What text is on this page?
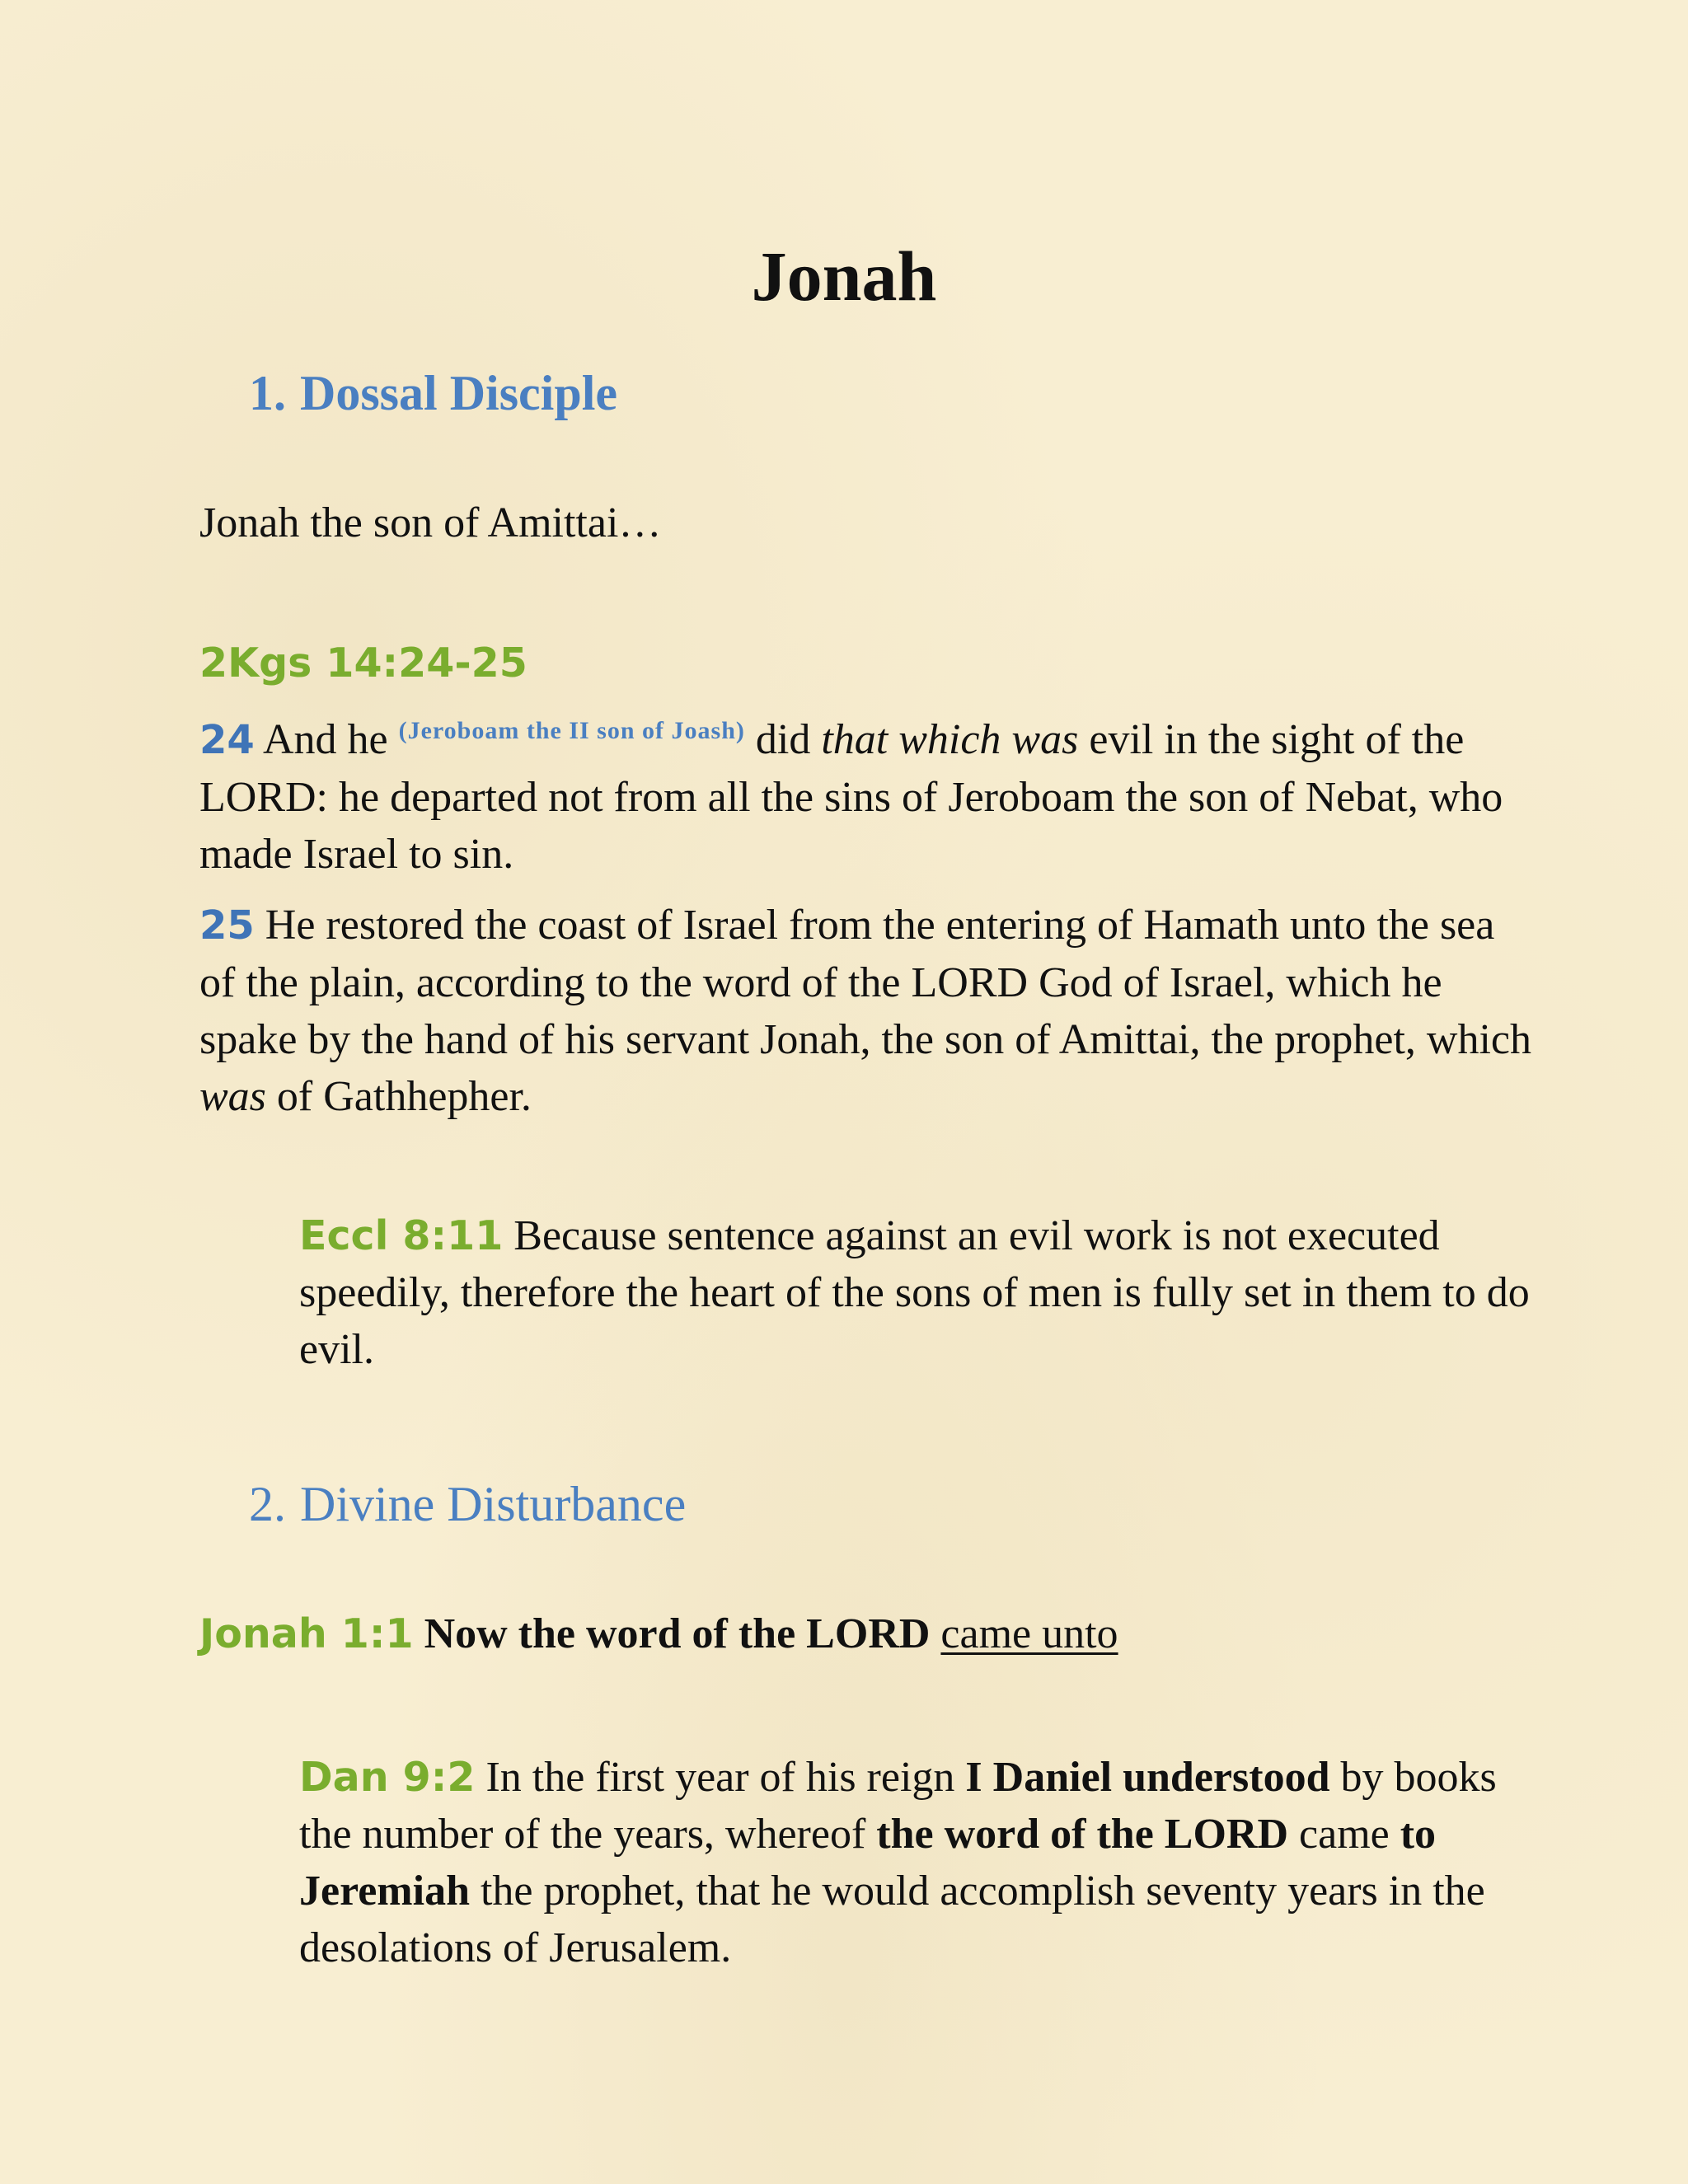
Jonah
1. Dossal Disciple

Jonah the son of Amittai…

2Kgs 14:24-25

24 And he $^{(Jeroboam the II son of Joash)}$ did that which was evil in the sight of the LORD: he departed not from all the sins of Jeroboam the son of Nebat, who made Israel to sin.

25 He restored the coast of Israel from the entering of Hamath unto the sea of the plain, according to the word of the LORD God of Israel, which he spake by the hand of his servant Jonah, the son of Amittai, the prophet, which was of Gathhepher.

Eccl 8:11 Because sentence against an evil work is not executed speedily, therefore the heart of the sons of men is fully set in them to do evil.

2. Divine Disturbance

Jonah 1:1 Now the word of the LORD came unto

Dan 9:2 In the first year of his reign I Daniel understood by books the number of the years, whereof the word of the LORD came to Jeremiah the prophet, that he would accomplish seventy years in the desolations of Jerusalem.
